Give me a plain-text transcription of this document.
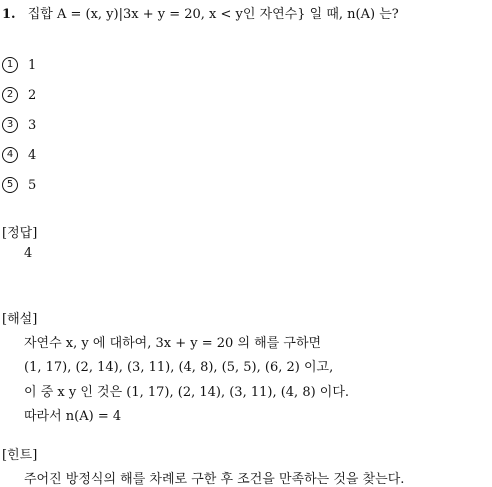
1. 집합 A = (x, y)|3x + y = 20, x < y인 자연수} 일 때, n(A) 는?
1	1
2	2
3	3
4	4
5	5
[정답]
4
[해설]
자연수 x, y 에 대하여, 3x + y = 20 의 해를 구하면
(1, 17), (2, 14), (3, 11), (4, 8), (5, 5), (6, 2) 이고,
이 중 x y 인 것은 (1, 17), (2, 14), (3, 11), (4, 8) 이다.
따라서 n(A) = 4
[힌트]
주어진 방정식의 해를 차례로 구한 후 조건을 만족하는 것을 찾는다.
